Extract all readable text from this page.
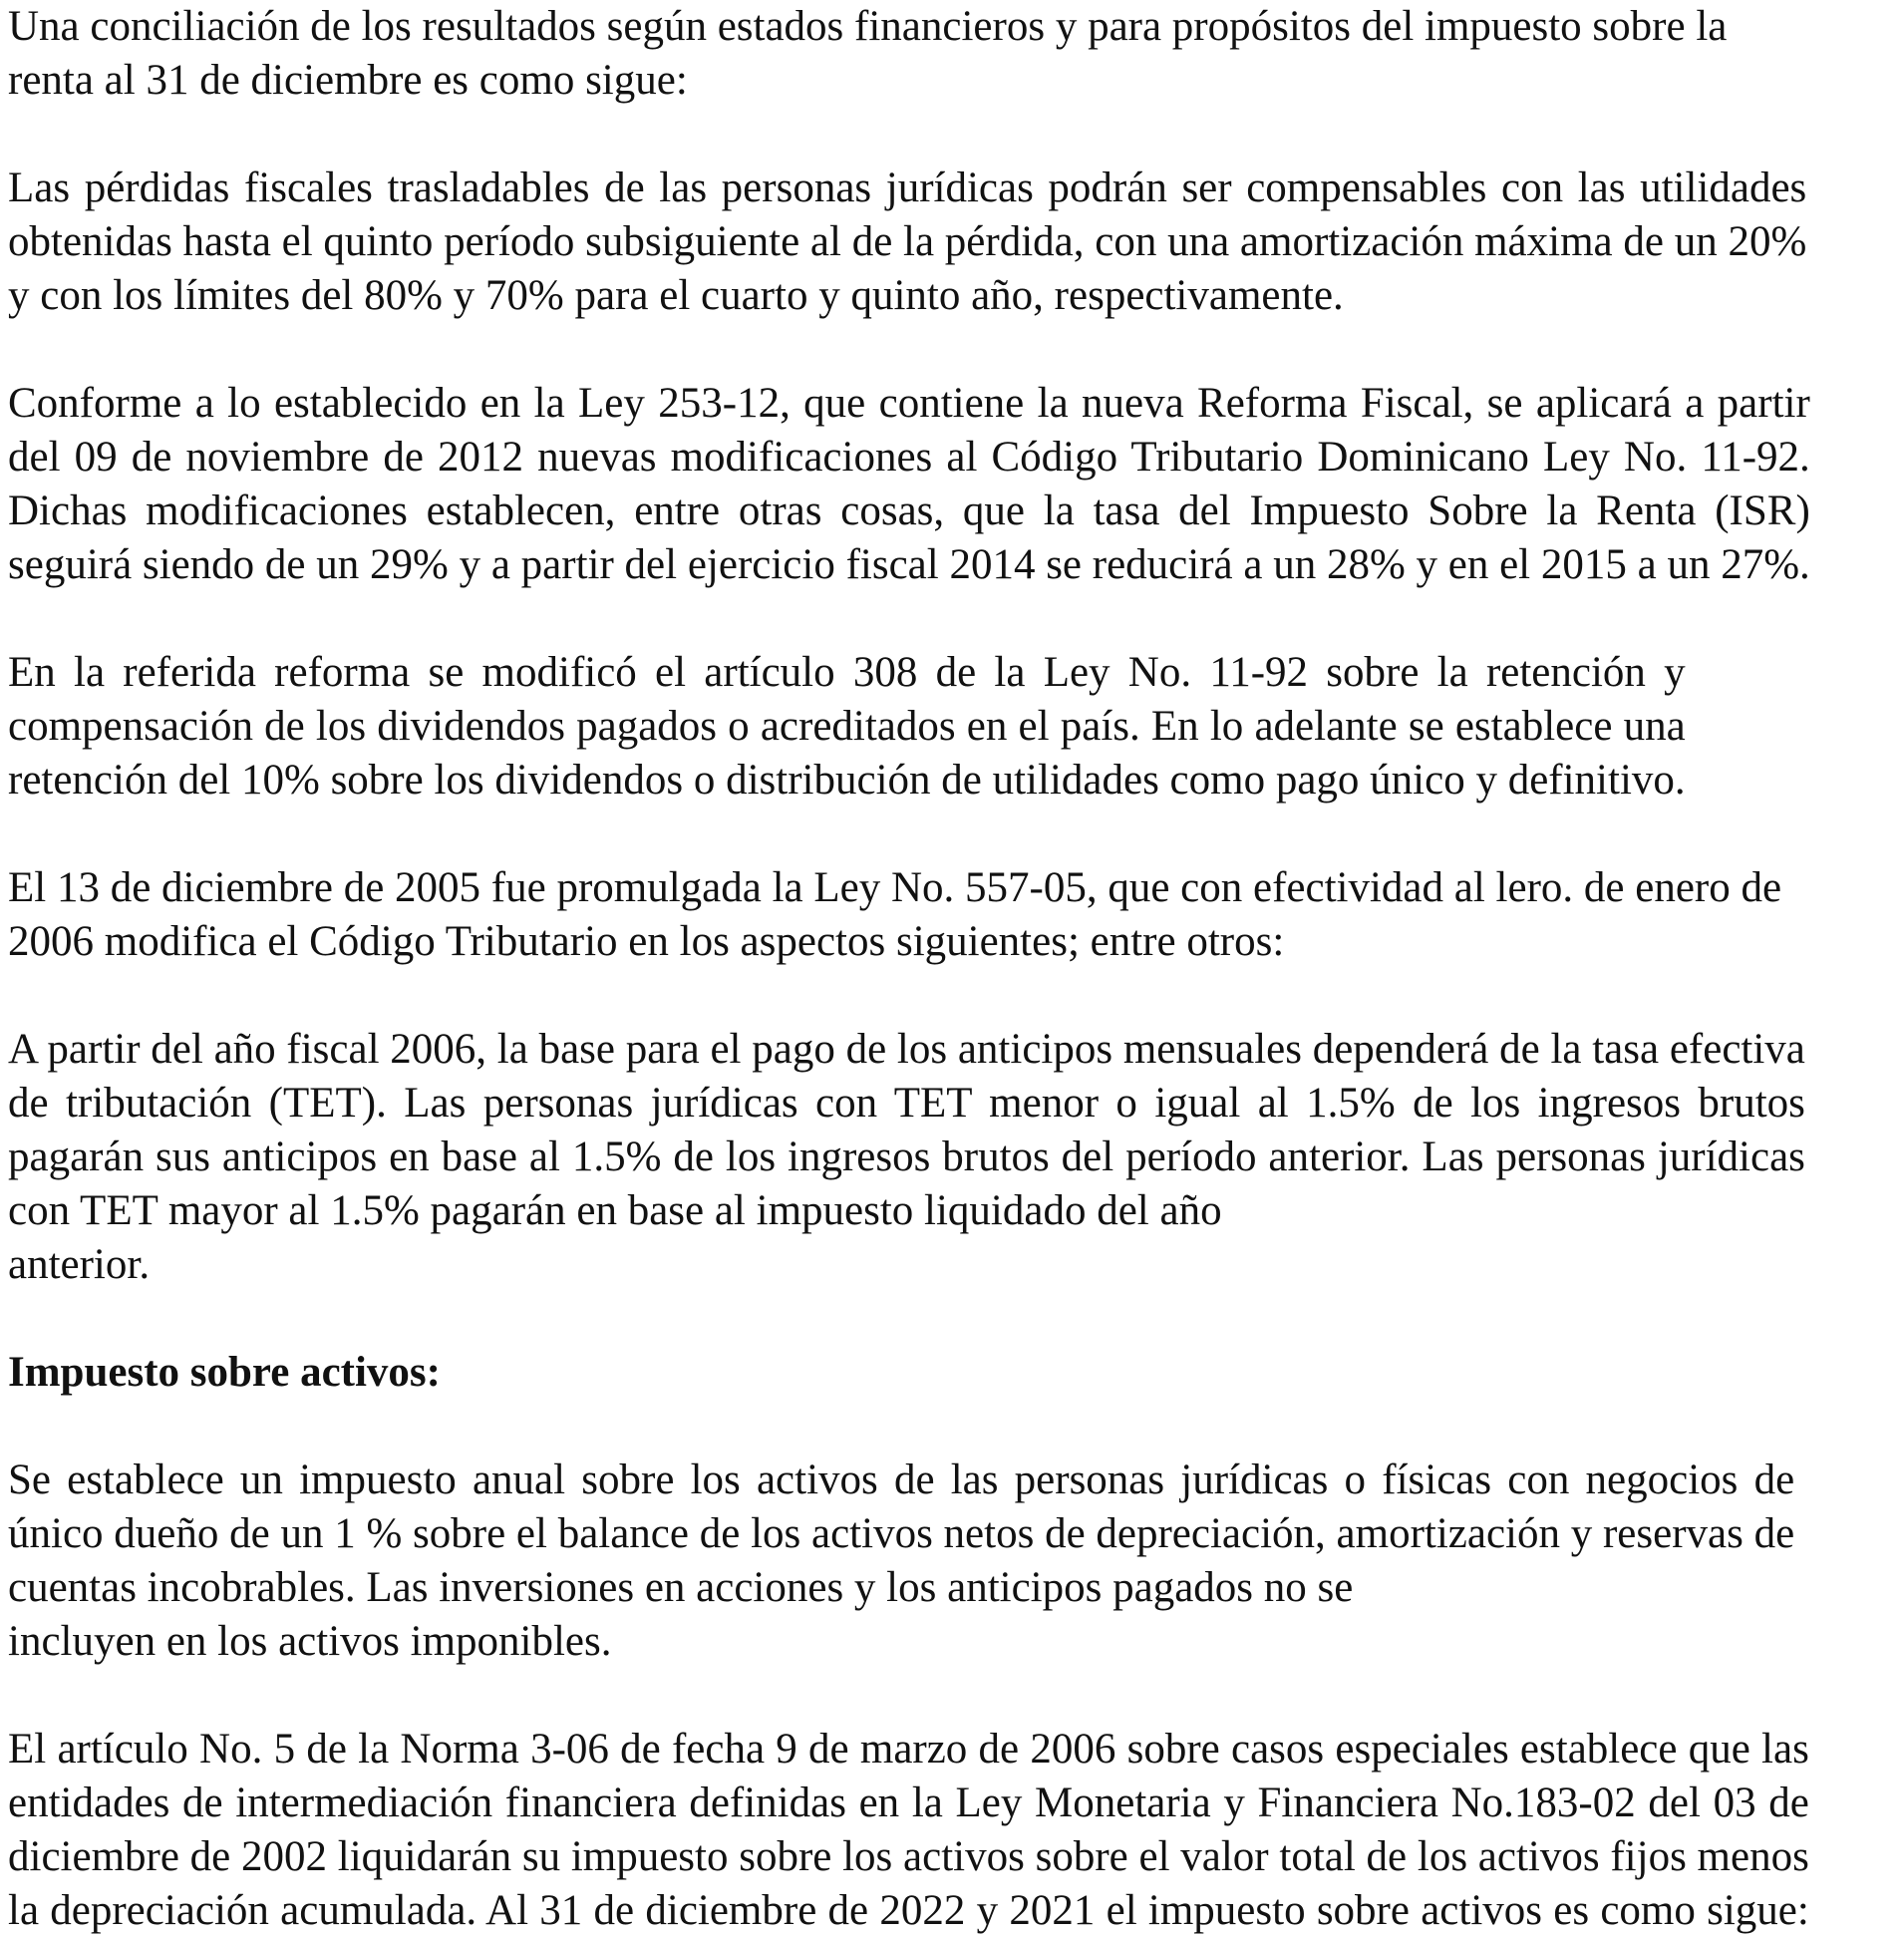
Una conciliación de los resultados según estados financieros y para propósitos del impuesto sobre la
renta al 31 de diciembre es como sigue:
Las pérdidas fiscales trasladables de las personas jurídicas podrán ser compensables con las utilidades
obtenidas hasta el quinto período subsiguiente al de la pérdida, con una amortización máxima de un 20%
y con los límites del 80% y 70% para el cuarto y quinto año, respectivamente.
Conforme a lo establecido en la Ley 253-12, que contiene la nueva Reforma Fiscal, se aplicará a partir
del 09 de noviembre de 2012 nuevas modificaciones al Código Tributario Dominicano Ley No. 11-92.
Dichas modificaciones establecen, entre otras cosas, que la tasa del Impuesto Sobre la Renta (ISR)
seguirá siendo de un 29% y a partir del ejercicio fiscal 2014 se reducirá a un 28% y en el 2015 a un 27%.
En la referida reforma se modificó el artículo 308 de la Ley No. 11-92 sobre la retención y
compensación de los dividendos pagados o acreditados en el país. En lo adelante se establece una
retención del 10% sobre los dividendos o distribución de utilidades como pago único y definitivo.
El 13 de diciembre de 2005 fue promulgada la Ley No. 557-05, que con efectividad al lero. de enero de
2006 modifica el Código Tributario en los aspectos siguientes; entre otros:
A partir del año fiscal 2006, la base para el pago de los anticipos mensuales dependerá de la tasa efectiva
de tributación (TET). Las personas jurídicas con TET menor o igual al 1.5% de los ingresos brutos
pagarán sus anticipos en base al 1.5% de los ingresos brutos del período anterior. Las personas jurídicas
con TET mayor al 1.5% pagarán en base al impuesto liquidado del año
anterior.
Impuesto sobre activos:
Se establece un impuesto anual sobre los activos de las personas jurídicas o físicas con negocios de
único dueño de un 1 % sobre el balance de los activos netos de depreciación, amortización y reservas de
cuentas incobrables. Las inversiones en acciones y los anticipos pagados no se
incluyen en los activos imponibles.
El artículo No. 5 de la Norma 3-06 de fecha 9 de marzo de 2006 sobre casos especiales establece que las
entidades de intermediación financiera definidas en la Ley Monetaria y Financiera No.183-02 del 03 de
diciembre de 2002 liquidarán su impuesto sobre los activos sobre el valor total de los activos fijos menos
la depreciación acumulada. Al 31 de diciembre de 2022 y 2021 el impuesto sobre activos es como sigue:
